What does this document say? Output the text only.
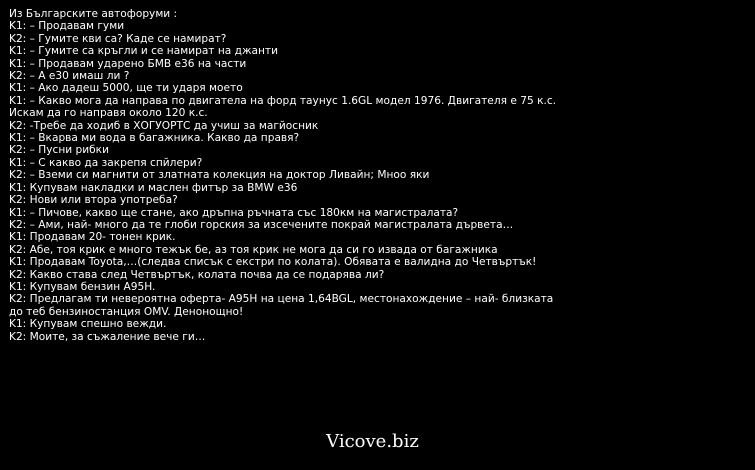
Из Българските автофоруми :
K1: – Продавам гуми
K2: – Гумите кви са? Каде се намират?
K1: – Гумите са кръгли и се намират на джанти
K1: – Продавам ударено БМВ е36 на части
K2: – А е30 имаш ли ?
K1: – Ако дадеш 5000, ще ти ударя моето
K1: – Какво мога да направа по двигатела на форд таунус 1.6GL модел 1976. Двигателя е 75 к.с.
Искам да го направя около 120 к.с.
K2: -Требе да ходиб в ХОГУОРТС да учиш за магйосник
K1: – Вкарва ми вода в багажника. Какво да правя?
K2: – Пусни рибки
K1: – С какво да закрепя спйлери?
K2: – Вземи си магнити от златната колекция на доктор Ливайн; Мноо яки
K1: Купувам накладки и маслен фитър за BMW e36
K2: Нови или втора употреба?
K1: – Пичове, какво ще стане, ако дръпна ръчната със 180км на магистралата?
K2: – Ами, най- много да те глоби горския за изсечените покрай магистралата дървета…
K1: Продавам 20- тонен крик.
K2: Абе, тоя крик е много тежък бе, аз тоя крик не мога да си го извада от багажника
K1: Продавам Toyota,…(следва списък с екстри по колата). Обявата е валидна до Четвъртък!
K2: Какво става след Четвъртък, колата почва да се подарява ли?
K1: Купувам бензин A95H.
K2: Предлагам ти невероятна оферта- A95H на цена 1,64BGL, местонахождение – най- близката
до теб бензиностанция OMV. Денонощно!
K1: Купувам спешно вежди.
K2: Моите, за съжаление вече ги…
Vicove.biz
